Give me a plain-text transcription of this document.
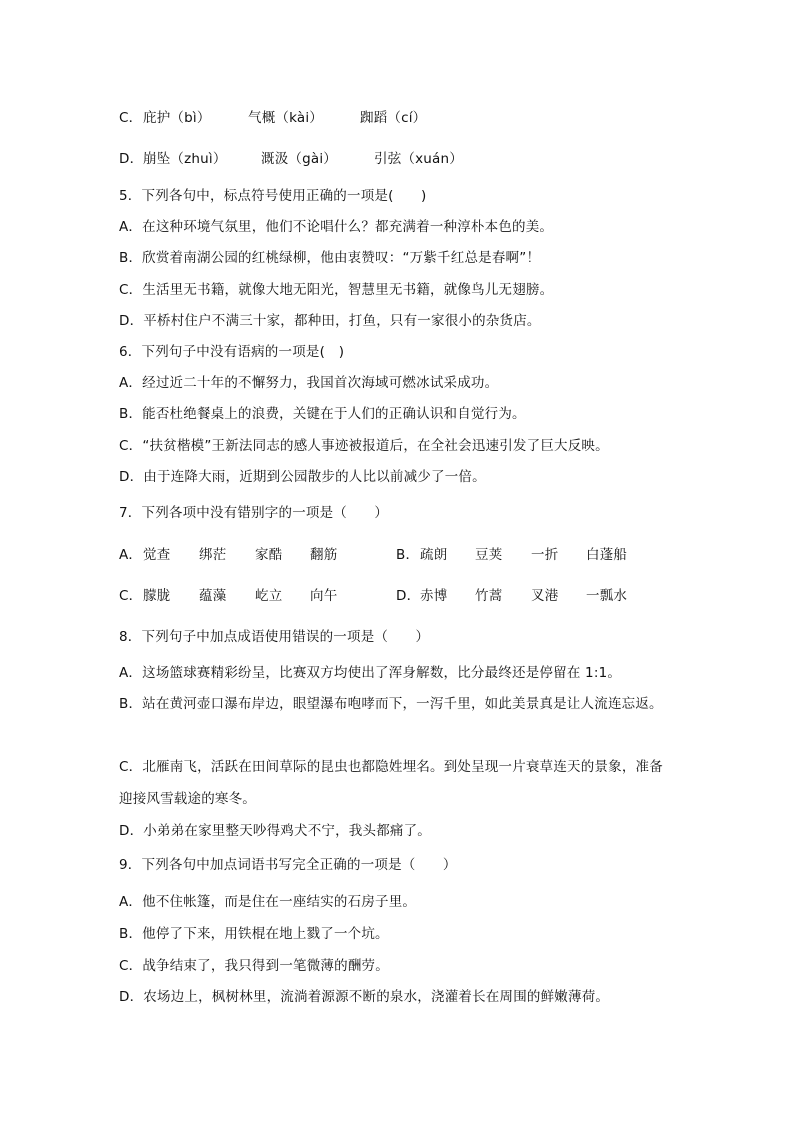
C． 庇护（bì）	气概（kài）	踟蹈（cí）
D． 崩坠（zhuì）	溉汲（gài）	引弦（xuán）
5．下列各句中，标点符号使用正确的一项是(　　)
A．在这种环境气氛里，他们不论唱什么？都充满着一种淳朴本色的美。
B．欣赏着南湖公园的红桃绿柳，他由衷赞叹：“万紫千红总是春啊”！
C．生活里无书籍，就像大地无阳光，智慧里无书籍，就像鸟儿无翅膀。
D．平桥村住户不满三十家，都种田，打鱼，只有一家很小的杂货店。
6．下列句子中没有语病的一项是(　)
A．经过近二十年的不懈努力，我国首次海域可燃冰试采成功。
B．能否杜绝餐桌上的浪费，关键在于人们的正确认识和自觉行为。
C．“扶贫楷模”王新法同志的感人事迹被报道后，在全社会迅速引发了巨大反映。
D．由于连降大雨，近期到公园散步的人比以前减少了一倍。
7．下列各项中没有错别字的一项是（　　）
A． 觉查 绑茫 家酷 翻筋	B． 疏朗 豆荚 一折 白蓬船
C． 朦胧 蕴藻 屹立 向午	D． 赤博 竹蒿 叉港 一瓢水
8．下列句子中加点成语使用错误的一项是（　　）
A．这场篮球赛精彩纷呈，比赛双方均使出了浑身解数，比分最终还是停留在 1:1。
B．站在黄河壶口瀑布岸边，眼望瀑布咆哮而下，一泻千里，如此美景真是让人流连忘返。
C．北雁南飞，活跃在田间草际的昆虫也都隐姓埋名。到处呈现一片衰草连天的景象，准备迎接风雪载途的寒冬。
D．小弟弟在家里整天吵得鸡犬不宁，我头都痛了。
9．下列各句中加点词语书写完全正确的一项是（　　）
A．他不住帐篷，而是住在一座结实的石房子里。
B．他停了下来，用铁棍在地上戮了一个坑。
C．战争结束了，我只得到一笔微薄的酬劳。
D．农场边上，枫树林里，流淌着源源不断的泉水，浇灌着长在周围的鲜嫩薄荷。
